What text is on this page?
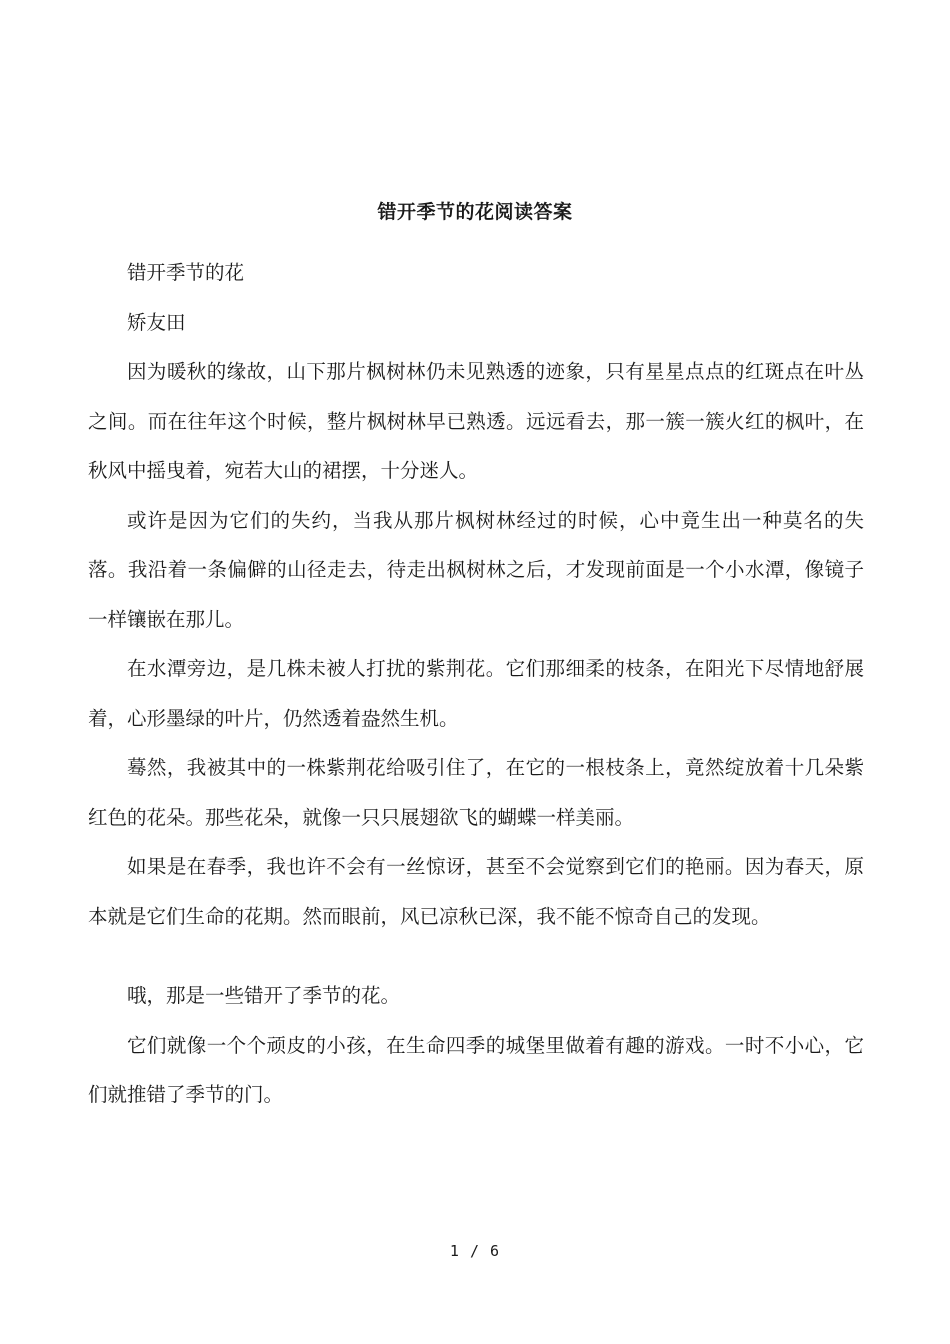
错开季节的花阅读答案

错开季节的花

矫友田

因为暖秋的缘故，山下那片枫树林仍未见熟透的迹象，只有星星点点的红斑点在叶丛之间。而在往年这个时候，整片枫树林早已熟透。远远看去，那一簇一簇火红的枫叶，在秋风中摇曳着，宛若大山的裙摆，十分迷人。

或许是因为它们的失约，当我从那片枫树林经过的时候，心中竟生出一种莫名的失落。我沿着一条偏僻的山径走去，待走出枫树林之后，才发现前面是一个小水潭，像镜子一样镶嵌在那儿。

在水潭旁边，是几株未被人打扰的紫荆花。它们那细柔的枝条，在阳光下尽情地舒展着，心形墨绿的叶片，仍然透着盎然生机。

蓦然，我被其中的一株紫荆花给吸引住了，在它的一根枝条上，竟然绽放着十几朵紫红色的花朵。那些花朵，就像一只只展翅欲飞的蝴蝶一样美丽。

如果是在春季，我也许不会有一丝惊讶，甚至不会觉察到它们的艳丽。因为春天，原本就是它们生命的花期。然而眼前，风已凉秋已深，我不能不惊奇自己的发现。

哦，那是一些错开了季节的花。

它们就像一个个顽皮的小孩，在生命四季的城堡里做着有趣的游戏。一时不小心，它们就推错了季节的门。

1 / 6
